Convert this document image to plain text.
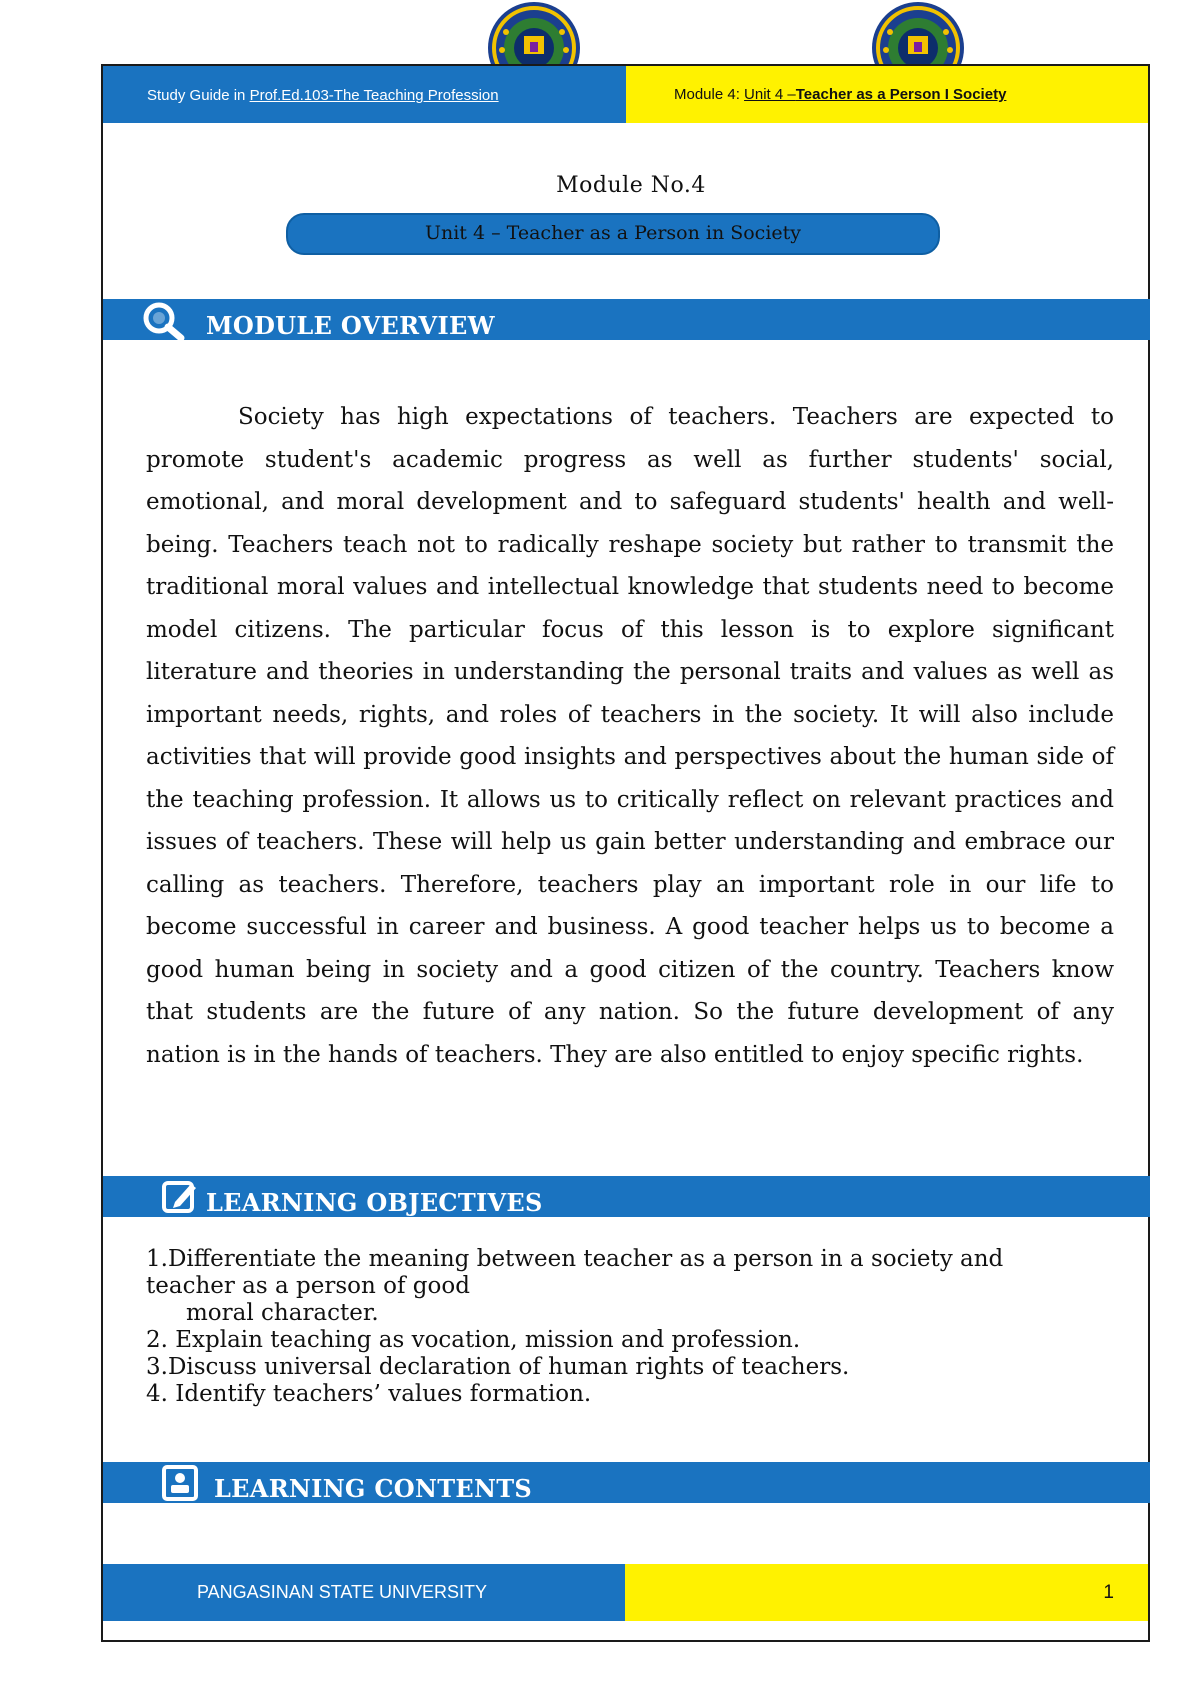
Study Guide in Prof.Ed.103-The Teaching Profession	Module 4: Unit 4 –Teacher as a Person I Society
Module No.4
Unit 4 – Teacher as a Person in Society
MODULE OVERVIEW

Society has high expectations of teachers. Teachers are expected to promote student's academic progress as well as further students' social, emotional, and moral development and to safeguard students' health and well-being. Teachers teach not to radically reshape society but rather to transmit the traditional moral values and intellectual knowledge that students need to become model citizens. The particular focus of this lesson is to explore significant literature and theories in understanding the personal traits and values as well as important needs, rights, and roles of teachers in the society. It will also include activities that will provide good insights and perspectives about the human side of the teaching profession. It allows us to critically reflect on relevant practices and issues of teachers. These will help us gain better understanding and embrace our calling as teachers. Therefore, teachers play an important role in our life to become successful in career and business. A good teacher helps us to become a good human being in society and a good citizen of the country. Teachers know that students are the future of any nation. So the future development of any nation is in the hands of teachers. They are also entitled to enjoy specific rights.

LEARNING OBJECTIVES

1.Differentiate the meaning between teacher as a person in a society and teacher as a person of good

moral character.

2. Explain teaching as vocation, mission and profession.

3.Discuss universal declaration of human rights of teachers.

4. Identify teachers’ values formation.

LEARNING CONTENTS
PANGASINAN STATE UNIVERSITY	1
